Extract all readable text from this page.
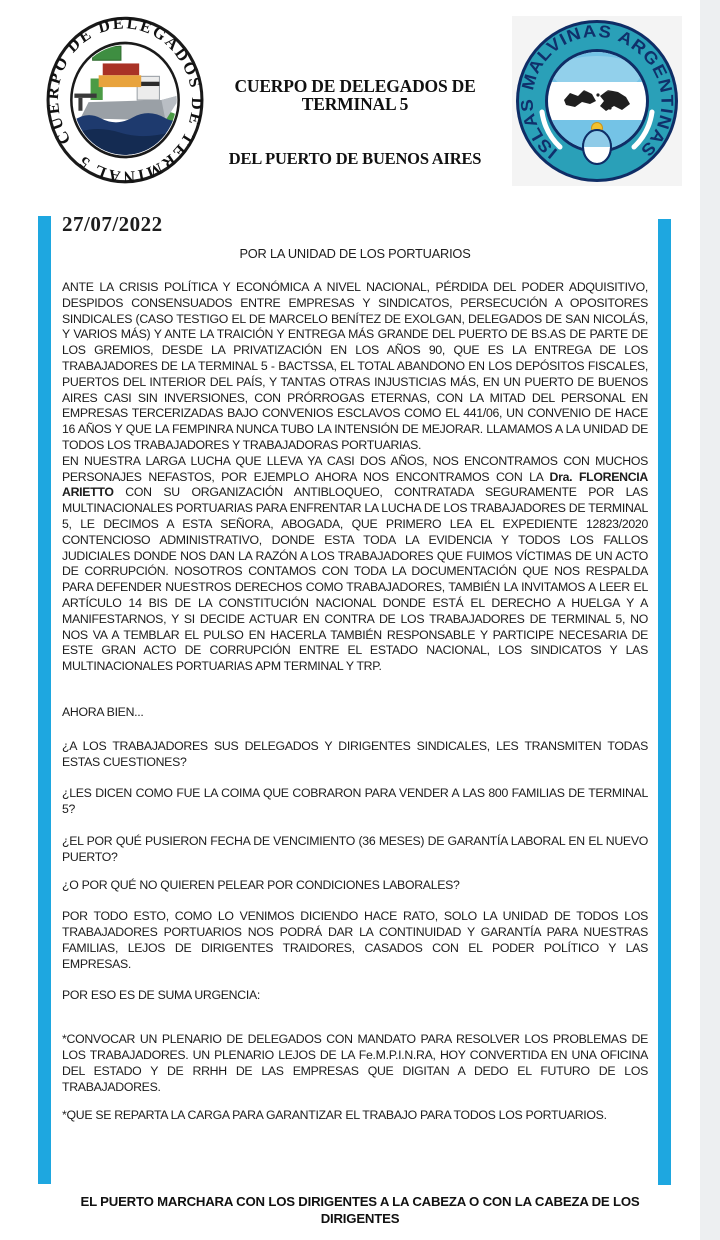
CUERPO DE DELEGADOS DE TERMINAL 5
CUERPO DE DELEGADOS DE TERMINAL 5
DEL PUERTO DE BUENOS AIRES	ISLAS MALVINAS ARGENTINAS
27/07/2022
POR LA UNIDAD DE LOS PORTUARIOS

ANTE LA CRISIS POLÍTICA Y ECONÓMICA A NIVEL NACIONAL, PÉRDIDA DEL PODER ADQUISITIVO, DESPIDOS CONSENSUADOS ENTRE EMPRESAS Y SINDICATOS, PERSECUCIÓN A OPOSITORES SINDICALES (CASO TESTIGO EL DE MARCELO BENÍTEZ DE EXOLGAN, DELEGADOS DE SAN NICOLÁS, Y VARIOS MÁS) Y ANTE LA TRAICIÓN Y ENTREGA MÁS GRANDE DEL PUERTO DE BS.AS DE PARTE DE LOS GREMIOS, DESDE LA PRIVATIZACIÓN EN LOS AÑOS 90, QUE ES LA ENTREGA DE LOS TRABAJADORES DE LA TERMINAL 5 - BACTSSA, EL TOTAL ABANDONO EN LOS DEPÓSITOS FISCALES, PUERTOS DEL INTERIOR DEL PAÍS, Y TANTAS OTRAS INJUSTICIAS MÁS, EN UN PUERTO DE BUENOS AIRES CASI SIN INVERSIONES, CON PRÓRROGAS ETERNAS, CON LA MITAD DEL PERSONAL EN EMPRESAS TERCERIZADAS BAJO CONVENIOS ESCLAVOS COMO EL 441/06, UN CONVENIO DE HACE 16 AÑOS Y QUE LA FEMPINRA NUNCA TUBO LA INTENSIÓN DE MEJORAR. LLAMAMOS A LA UNIDAD DE TODOS LOS TRABAJADORES Y TRABAJADORAS PORTUARIAS.

EN NUESTRA LARGA LUCHA QUE LLEVA YA CASI DOS AÑOS, NOS ENCONTRAMOS CON MUCHOS PERSONAJES NEFASTOS, POR EJEMPLO AHORA NOS ENCONTRAMOS CON LA Dra. FLORENCIA ARIETTO CON SU ORGANIZACIÓN ANTIBLOQUEO, CONTRATADA SEGURAMENTE POR LAS MULTINACIONALES PORTUARIAS PARA ENFRENTAR LA LUCHA DE LOS TRABAJADORES DE TERMINAL 5, LE DECIMOS A ESTA SEÑORA, ABOGADA, QUE PRIMERO LEA EL EXPEDIENTE 12823/2020 CONTENCIOSO ADMINISTRATIVO, DONDE ESTA TODA LA EVIDENCIA Y TODOS LOS FALLOS JUDICIALES DONDE NOS DAN LA RAZÓN A LOS TRABAJADORES QUE FUIMOS VÍCTIMAS DE UN ACTO DE CORRUPCIÓN. NOSOTROS CONTAMOS CON TODA LA DOCUMENTACIÓN QUE NOS RESPALDA PARA DEFENDER NUESTROS DERECHOS COMO TRABAJADORES, TAMBIÉN LA INVITAMOS A LEER EL ARTÍCULO 14 BIS DE LA CONSTITUCIÓN NACIONAL DONDE ESTÁ EL DERECHO A HUELGA Y A MANIFESTARNOS, Y SI DECIDE ACTUAR EN CONTRA DE LOS TRABAJADORES DE TERMINAL 5, NO NOS VA A TEMBLAR EL PULSO EN HACERLA TAMBIÉN RESPONSABLE Y PARTICIPE NECESARIA DE ESTE GRAN ACTO DE CORRUPCIÓN ENTRE EL ESTADO NACIONAL, LOS SINDICATOS Y LAS MULTINACIONALES PORTUARIAS APM TERMINAL Y TRP.

AHORA BIEN...

¿A LOS TRABAJADORES SUS DELEGADOS Y DIRIGENTES SINDICALES, LES TRANSMITEN TODAS ESTAS CUESTIONES?

¿LES DICEN COMO FUE LA COIMA QUE COBRARON PARA VENDER A LAS 800 FAMILIAS DE TERMINAL 5?

¿EL POR QUÉ PUSIERON FECHA DE VENCIMIENTO (36 MESES) DE GARANTÍA LABORAL EN EL NUEVO PUERTO?

¿O POR QUÉ NO QUIEREN PELEAR POR CONDICIONES LABORALES?

POR TODO ESTO, COMO LO VENIMOS DICIENDO HACE RATO, SOLO LA UNIDAD DE TODOS LOS TRABAJADORES PORTUARIOS NOS PODRÁ DAR LA CONTINUIDAD Y GARANTÍA PARA NUESTRAS FAMILIAS, LEJOS DE DIRIGENTES TRAIDORES, CASADOS CON EL PODER POLÍTICO Y LAS EMPRESAS.

POR ESO ES DE SUMA URGENCIA:

*CONVOCAR UN PLENARIO DE DELEGADOS CON MANDATO PARA RESOLVER LOS PROBLEMAS DE LOS TRABAJADORES. UN PLENARIO LEJOS DE LA Fe.M.P.I.N.RA, HOY CONVERTIDA EN UNA OFICINA DEL ESTADO Y DE RRHH DE LAS EMPRESAS QUE DIGITAN A DEDO EL FUTURO DE LOS TRABAJADORES.

*QUE SE REPARTA LA CARGA PARA GARANTIZAR EL TRABAJO PARA TODOS LOS PORTUARIOS.

EL PUERTO MARCHARA CON LOS DIRIGENTES A LA CABEZA O CON LA CABEZA DE LOS DIRIGENTES
